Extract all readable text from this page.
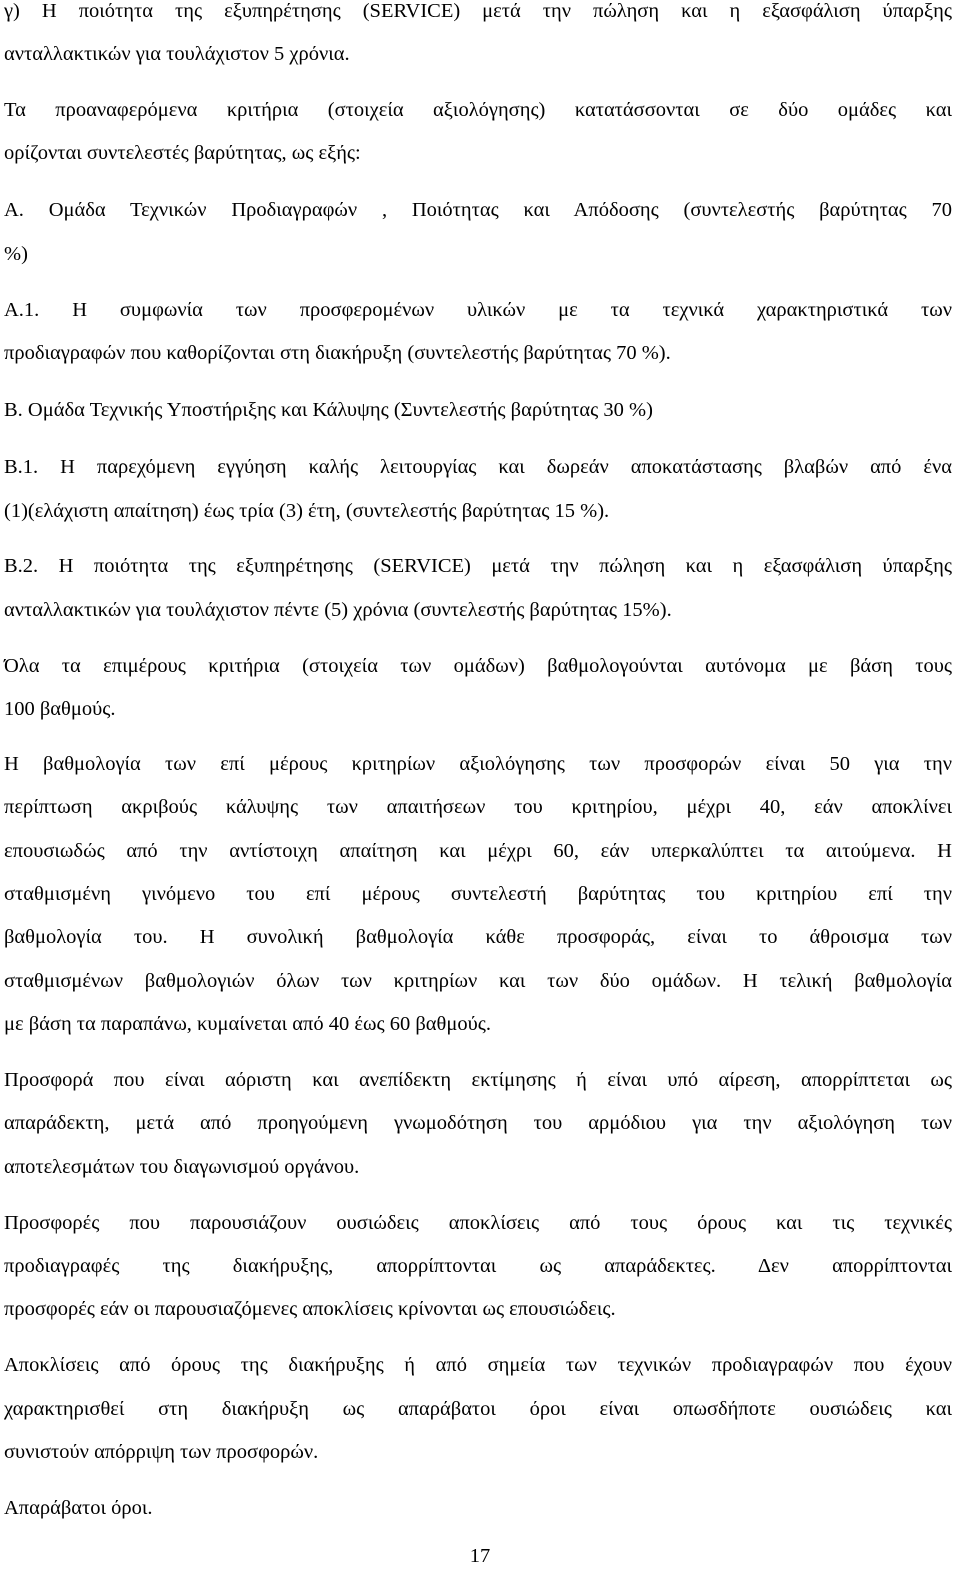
γ) Η ποιότητα της εξυπηρέτησης (SERVICE) μετά την πώληση και η εξασφάλιση ύπαρξης
ανταλλακτικών για τουλάχιστον 5 χρόνια.
Τα προαναφερόμενα κριτήρια (στοιχεία αξιολόγησης) κατατάσσονται σε δύο ομάδες και
ορίζονται συντελεστές βαρύτητας, ως εξής:
Α. Ομάδα Τεχνικών Προδιαγραφών , Ποιότητας και Απόδοσης (συντελεστής βαρύτητας 70
%)
Α.1. Η συμφωνία των προσφερομένων υλικών με τα τεχνικά χαρακτηριστικά των
προδιαγραφών που καθορίζονται στη διακήρυξη (συντελεστής βαρύτητας 70 %).
Β. Ομάδα Τεχνικής Υποστήριξης και Κάλυψης (Συντελεστής βαρύτητας 30 %)
Β.1. Η παρεχόμενη εγγύηση καλής λειτουργίας και δωρεάν αποκατάστασης βλαβών από ένα
(1)(ελάχιστη απαίτηση) έως τρία (3) έτη, (συντελεστής βαρύτητας 15 %).
Β.2. Η ποιότητα της εξυπηρέτησης (SERVICE) μετά την πώληση και η εξασφάλιση ύπαρξης
ανταλλακτικών για τουλάχιστον πέντε (5) χρόνια (συντελεστής βαρύτητας 15%).
Όλα τα επιμέρους κριτήρια (στοιχεία των ομάδων) βαθμολογούνται αυτόνομα με βάση τους
100 βαθμούς.
Η βαθμολογία των επί μέρους κριτηρίων αξιολόγησης των προσφορών είναι 50 για την
περίπτωση ακριβούς κάλυψης των απαιτήσεων του κριτηρίου, μέχρι 40, εάν αποκλίνει
επουσιωδώς από την αντίστοιχη απαίτηση και μέχρι 60, εάν υπερκαλύπτει τα αιτούμενα. Η
σταθμισμένη γινόμενο του επί μέρους συντελεστή βαρύτητας του κριτηρίου επί την
βαθμολογία του. Η συνολική βαθμολογία κάθε προσφοράς, είναι το άθροισμα των
σταθμισμένων βαθμολογιών όλων των κριτηρίων και των δύο ομάδων. Η τελική βαθμολογία
με βάση τα παραπάνω, κυμαίνεται από 40 έως 60 βαθμούς.
Προσφορά που είναι αόριστη και ανεπίδεκτη εκτίμησης ή είναι υπό αίρεση, απορρίπτεται ως
απαράδεκτη, μετά από προηγούμενη γνωμοδότηση του αρμόδιου για την αξιολόγηση των
αποτελεσμάτων του διαγωνισμού οργάνου.
Προσφορές που παρουσιάζουν ουσιώδεις αποκλίσεις από τους όρους και τις τεχνικές
προδιαγραφές της διακήρυξης, απορρίπτονται ως απαράδεκτες. Δεν απορρίπτονται
προσφορές εάν οι παρουσιαζόμενες αποκλίσεις κρίνονται ως επουσιώδεις.
Αποκλίσεις από όρους της διακήρυξης ή από σημεία των τεχνικών προδιαγραφών που έχουν
χαρακτηρισθεί στη διακήρυξη ως απαράβατοι όροι είναι οπωσδήποτε ουσιώδεις και
συνιστούν απόρριψη των προσφορών.
Απαράβατοι όροι.
17
